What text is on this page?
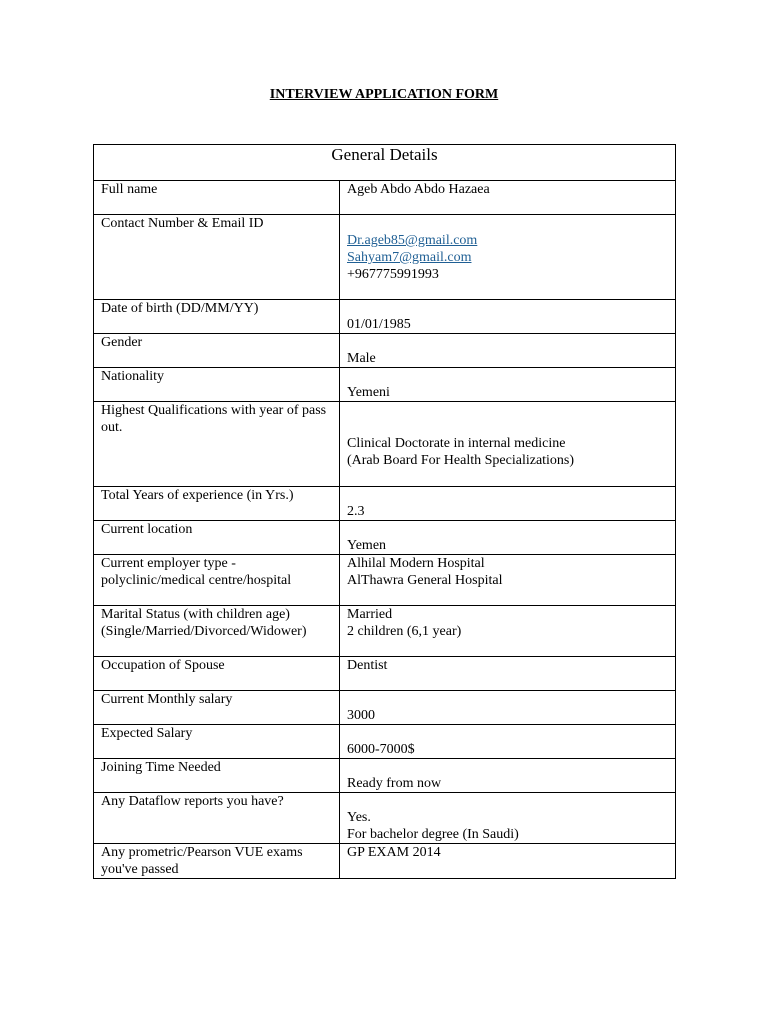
INTERVIEW APPLICATION FORM
General Details	
Full name	Ageb Abdo Abdo Hazaea

Contact Number & Email ID	Dr.ageb85@gmail.com
Sahyam7@gmail.com
+967775991993

Date of birth (DD/MM/YY)	01/01/1985

Gender	Male

Nationality	Yemeni

Highest Qualifications with year of pass out.	Clinical Doctorate in internal medicine
(Arab Board For Health Specializations)

Total Years of experience (in Yrs.)	2.3

Current location	Yemen

Current employer type - polyclinic/medical centre/hospital	Alhilal Modern Hospital
AlThawra General Hospital

Marital Status (with children age) (Single/Married/Divorced/Widower)	Married
2 children (6,1 year)

Occupation of Spouse	Dentist

Current Monthly salary	3000

Expected Salary	6000-7000$

Joining Time Needed	Ready from now

Any Dataflow reports you have?	Yes.
For bachelor degree (In Saudi)

Any prometric/Pearson VUE exams you've passed	GP EXAM 2014
